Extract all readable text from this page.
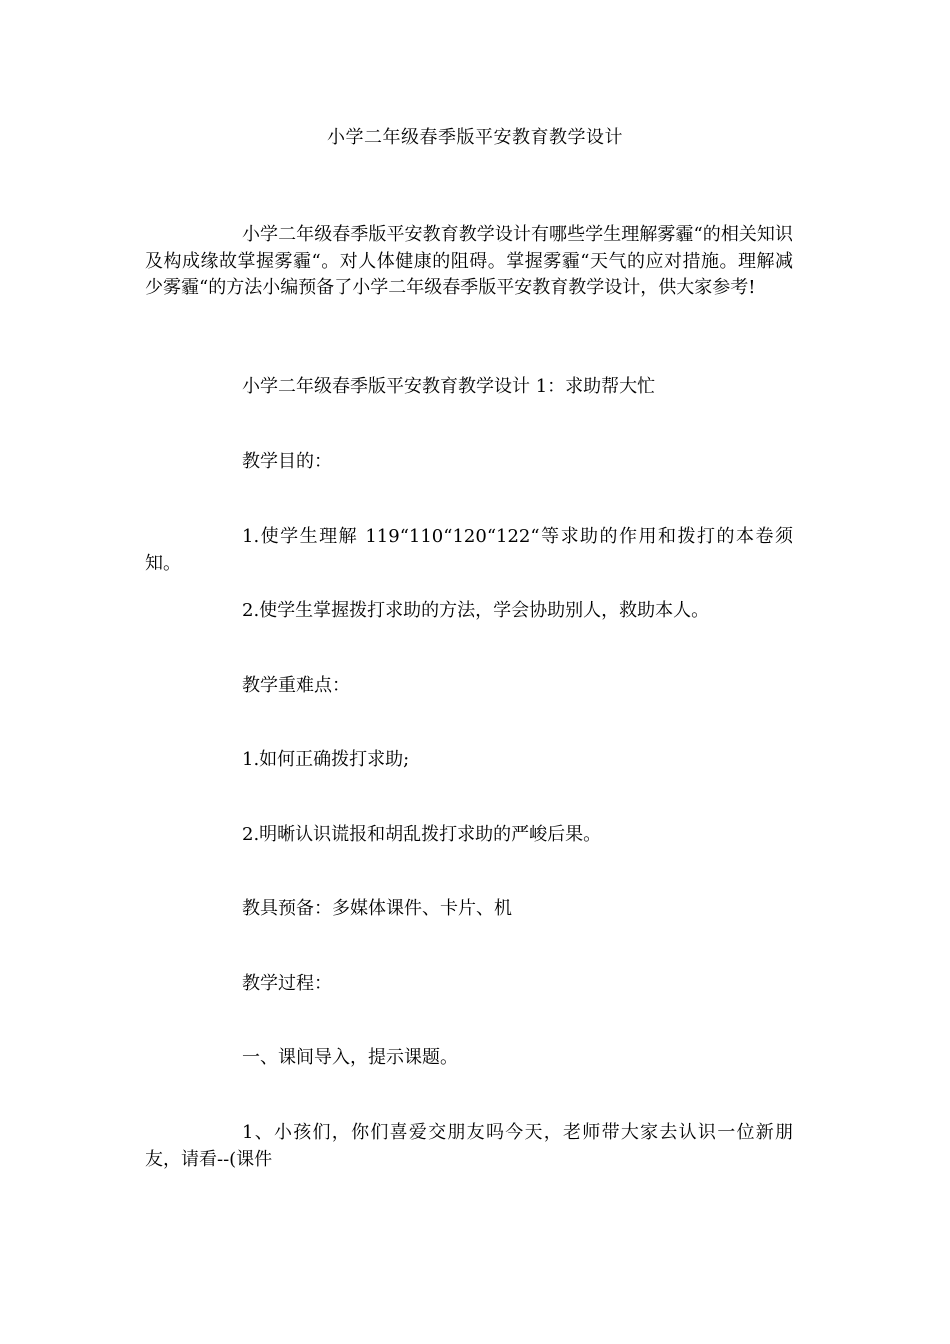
小学二年级春季版平安教育教学设计

小学二年级春季版平安教育教学设计有哪些学生理解雾霾“的相关知识及构成缘故掌握雾霾“。对人体健康的阻碍。掌握雾霾“天气的应对措施。理解减少雾霾“的方法小编预备了小学二年级春季版平安教育教学设计，供大家参考!

小学二年级春季版平安教育教学设计 1：求助帮大忙

教学目的：

1.使学生理解 119“110“120“122“等求助的作用和拨打的本卷须知。

2.使学生掌握拨打求助的方法，学会协助别人，救助本人。

教学重难点：

1.如何正确拨打求助;

2.明晰认识谎报和胡乱拨打求助的严峻后果。

教具预备：多媒体课件、卡片、机

教学过程：

一、课间导入，提示课题。

1、小孩们，你们喜爱交朋友吗今天，老师带大家去认识一位新朋友，请看--(课件
